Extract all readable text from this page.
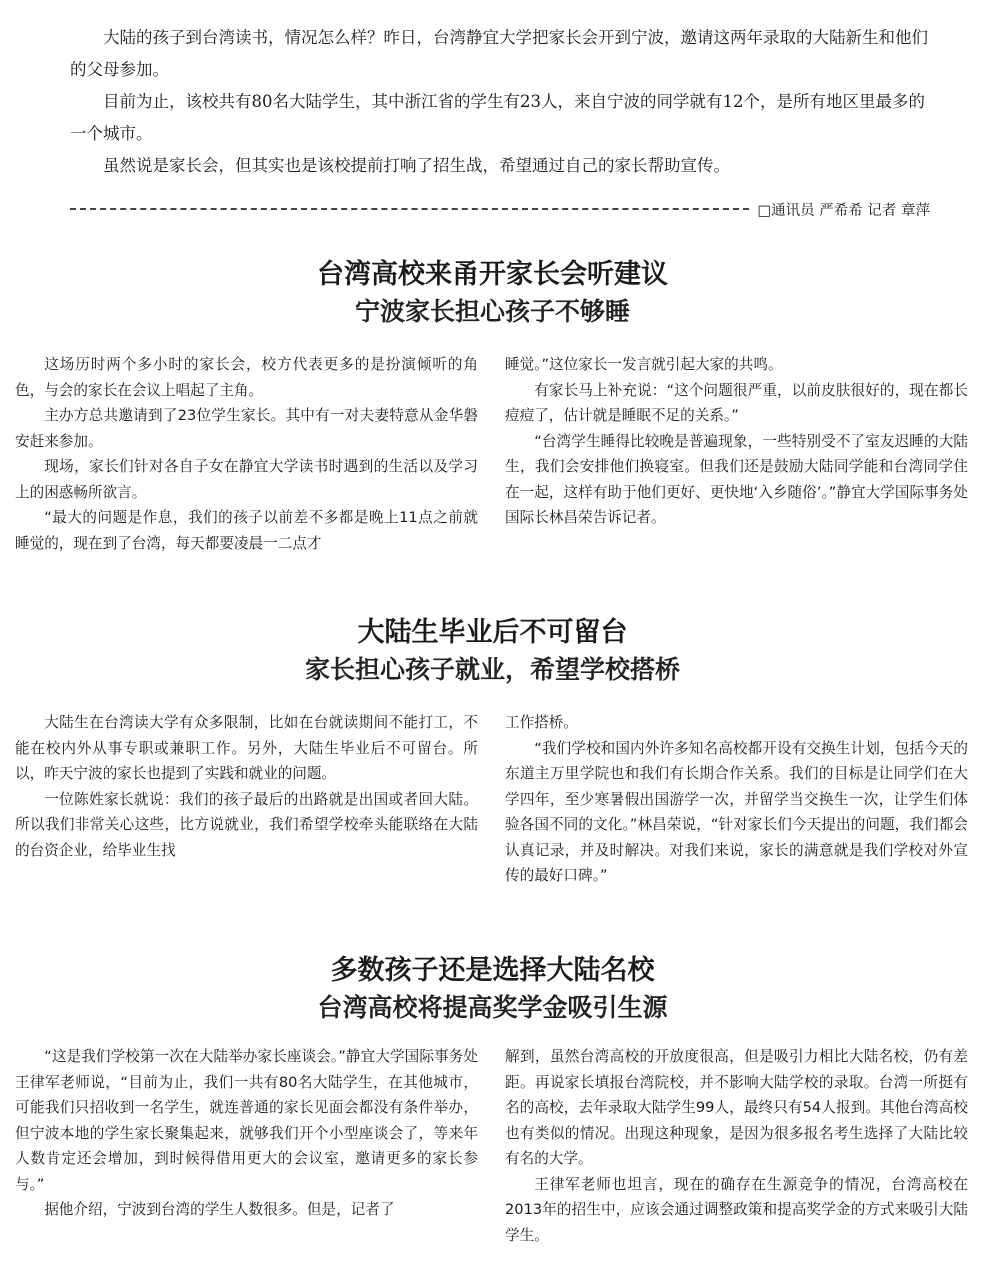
大陆的孩子到台湾读书，情况怎么样？昨日，台湾静宜大学把家长会开到宁波，邀请这两年录取的大陆新生和他们的父母参加。

目前为止，该校共有80名大陆学生，其中浙江省的学生有23人，来自宁波的同学就有12个，是所有地区里最多的一个城市。

虽然说是家长会，但其实也是该校提前打响了招生战，希望通过自己的家长帮助宣传。

□通讯员 严希希 记者 章萍
台湾高校来甬开家长会听建议
宁波家长担心孩子不够睡

这场历时两个多小时的家长会，校方代表更多的是扮演倾听的角色，与会的家长在会议上唱起了主角。

主办方总共邀请到了23位学生家长。其中有一对夫妻特意从金华磐安赶来参加。

现场，家长们针对各自子女在静宜大学读书时遇到的生活以及学习上的困惑畅所欲言。

“最大的问题是作息，我们的孩子以前差不多都是晚上11点之前就睡觉的，现在到了台湾，每天都要凌晨一二点才

睡觉。”这位家长一发言就引起大家的共鸣。

有家长马上补充说：“这个问题很严重，以前皮肤很好的，现在都长痘痘了，估计就是睡眠不足的关系。”

“台湾学生睡得比较晚是普遍现象，一些特别受不了室友迟睡的大陆生，我们会安排他们换寝室。但我们还是鼓励大陆同学能和台湾同学住在一起，这样有助于他们更好、更快地‘入乡随俗’。”静宜大学国际事务处国际长林昌荣告诉记者。

大陆生毕业后不可留台
家长担心孩子就业，希望学校搭桥

大陆生在台湾读大学有众多限制，比如在台就读期间不能打工，不能在校内外从事专职或兼职工作。另外，大陆生毕业后不可留台。所以，昨天宁波的家长也提到了实践和就业的问题。

一位陈姓家长就说：我们的孩子最后的出路就是出国或者回大陆。所以我们非常关心这些，比方说就业，我们希望学校牵头能联络在大陆的台资企业，给毕业生找

工作搭桥。

“我们学校和国内外许多知名高校都开设有交换生计划，包括今天的东道主万里学院也和我们有长期合作关系。我们的目标是让同学们在大学四年，至少寒暑假出国游学一次，并留学当交换生一次，让学生们体验各国不同的文化。”林昌荣说，“针对家长们今天提出的问题，我们都会认真记录，并及时解决。对我们来说，家长的满意就是我们学校对外宣传的最好口碑。”

多数孩子还是选择大陆名校
台湾高校将提高奖学金吸引生源

“这是我们学校第一次在大陆举办家长座谈会。”静宜大学国际事务处王律军老师说，“目前为止，我们一共有80名大陆学生，在其他城市，可能我们只招收到一名学生，就连普通的家长见面会都没有条件举办，但宁波本地的学生家长聚集起来，就够我们开个小型座谈会了，等来年人数肯定还会增加，到时候得借用更大的会议室，邀请更多的家长参与。”

据他介绍，宁波到台湾的学生人数很多。但是，记者了

解到，虽然台湾高校的开放度很高，但是吸引力相比大陆名校，仍有差距。再说家长填报台湾院校，并不影响大陆学校的录取。台湾一所挺有名的高校，去年录取大陆学生99人，最终只有54人报到。其他台湾高校也有类似的情况。出现这种现象，是因为很多报名考生选择了大陆比较有名的大学。

王律军老师也坦言，现在的确存在生源竞争的情况，台湾高校在2013年的招生中，应该会通过调整政策和提高奖学金的方式来吸引大陆学生。
